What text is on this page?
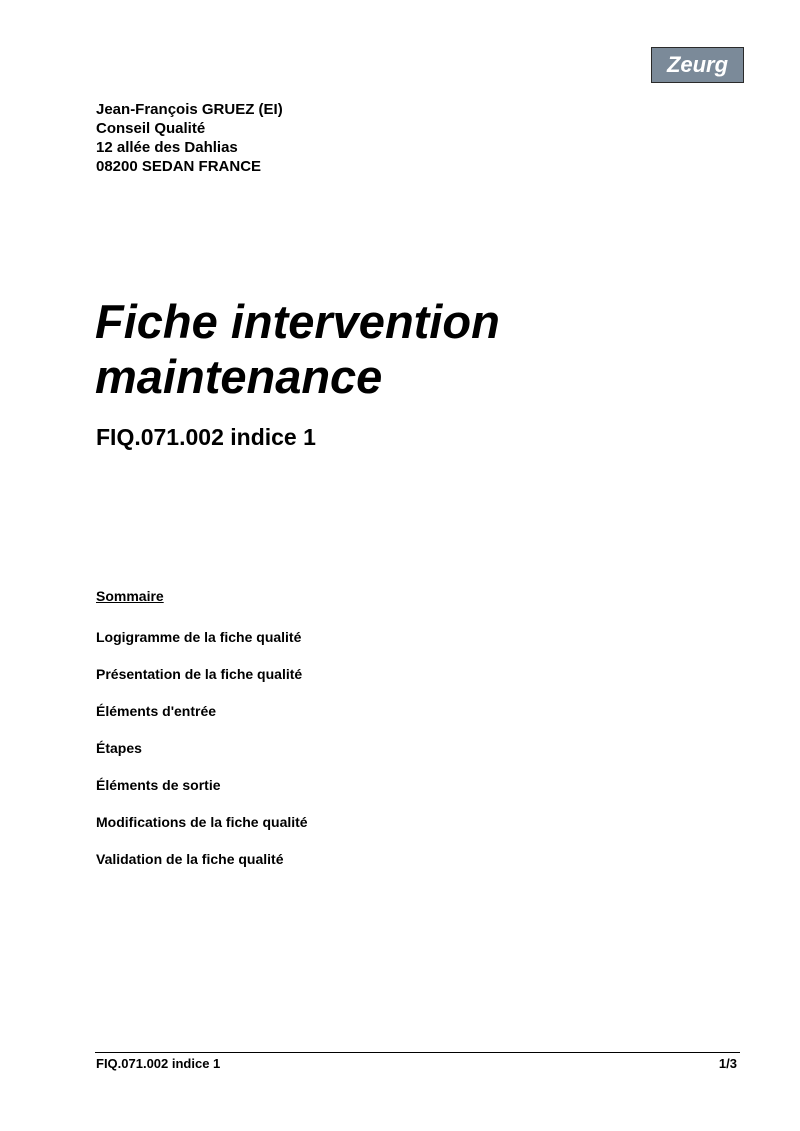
Zeurg
Jean-François GRUEZ (EI)
Conseil Qualité
12 allée des Dahlias
08200 SEDAN FRANCE
Fiche intervention
maintenance
FIQ.071.002 indice 1
Sommaire
Logigramme de la fiche qualité
Présentation de la fiche qualité
Éléments d'entrée
Étapes
Éléments de sortie
Modifications de la fiche qualité
Validation de la fiche qualité
FIQ.071.002 indice 1	1/3
